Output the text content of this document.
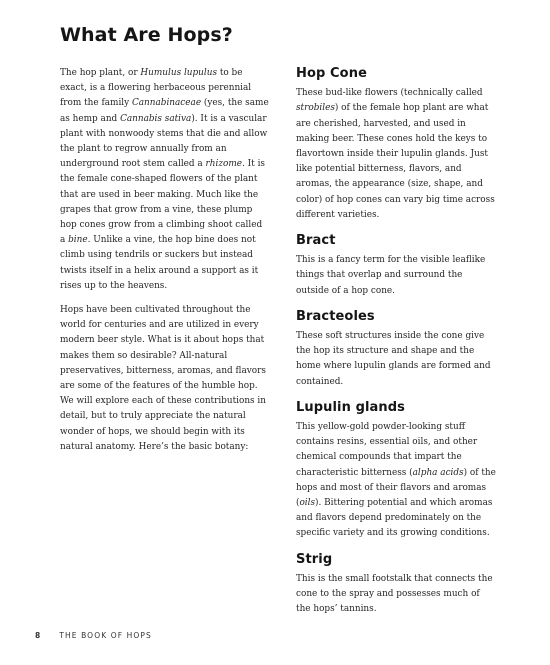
What Are Hops?

The hop plant, or Humulus lupulus to be exact, is a flowering herbaceous perennial from the family Cannabinaceae (yes, the same as hemp and Cannabis sativa). It is a vascular plant with nonwoody stems that die and allow the plant to regrow annually from an underground root stem called a rhizome. It is the female cone-shaped flowers of the plant that are used in beer making. Much like the grapes that grow from a vine, these plump hop cones grow from a climbing shoot called a bine. Unlike a vine, the hop bine does not climb using tendrils or suckers but instead twists itself in a helix around a support as it rises up to the heavens.

Hops have been cultivated throughout the world for centuries and are utilized in every modern beer style. What is it about hops that makes them so desirable? All-natural preservatives, bitterness, aromas, and flavors are some of the features of the humble hop. We will explore each of these contributions in detail, but to truly appreciate the natural wonder of hops, we should begin with its natural anatomy. Here’s the basic botany:

Hop Cone

These bud-like flowers (technically called strobiles) of the female hop plant are what are cherished, harvested, and used in making beer. These cones hold the keys to flavortown inside their lupulin glands. Just like potential bitterness, flavors, and aromas, the appearance (size, shape, and color) of hop cones can vary big time across different varieties.

Bract

This is a fancy term for the visible leaflike things that overlap and surround the outside of a hop cone.

Bracteoles

These soft structures inside the cone give the hop its structure and shape and the home where lupulin glands are formed and contained.

Lupulin glands

This yellow-gold powder-looking stuff contains resins, essential oils, and other chemical compounds that impart the characteristic bitterness (alpha acids) of the hops and most of their flavors and aromas (oils). Bittering potential and which aromas and flavors depend predominately on the specific variety and its growing conditions.

Strig

This is the small footstalk that connects the cone to the spray and possesses much of the hops’ tannins.

8 THE BOOK OF HOPS
